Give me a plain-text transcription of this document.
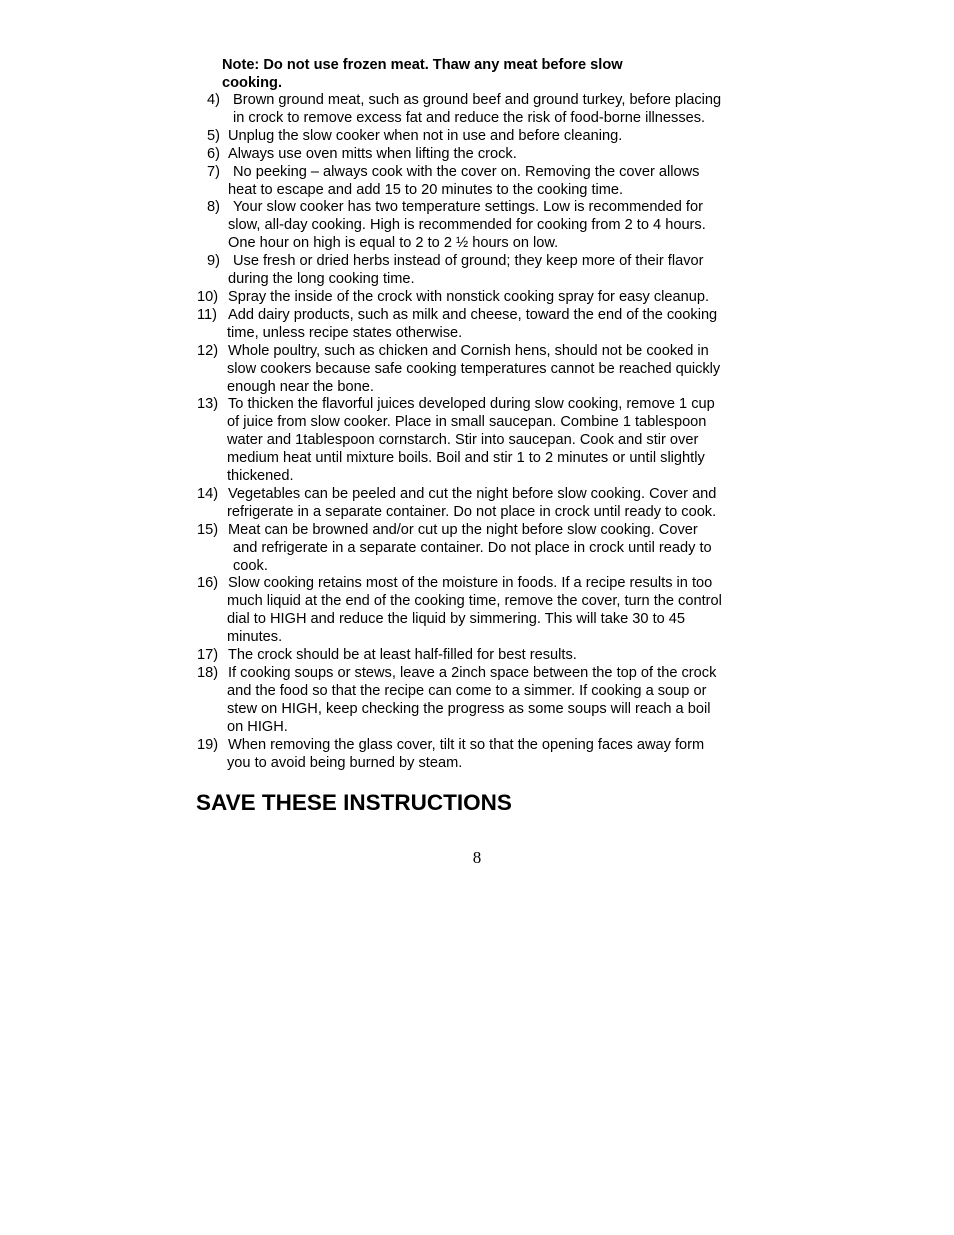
Note: Do not use frozen meat. Thaw any meat before slow
cooking.

4) Brown ground meat, such as ground beef and ground turkey, before placing
in crock to remove excess fat and reduce the risk of food-borne illnesses.
5) Unplug the slow cooker when not in use and before cleaning.
6) Always use oven mitts when lifting the crock.
7) No peeking – always cook with the cover on. Removing the cover allows
heat to escape and add 15 to 20 minutes to the cooking time.
8) Your slow cooker has two temperature settings. Low is recommended for
slow, all-day cooking. High is recommended for cooking from 2 to 4 hours.
One hour on high is equal to 2 to 2 ½ hours on low.
9) Use fresh or dried herbs instead of ground; they keep more of their flavor
during the long cooking time.
10) Spray the inside of the crock with nonstick cooking spray for easy cleanup.
11) Add dairy products, such as milk and cheese, toward the end of the cooking
time, unless recipe states otherwise.
12) Whole poultry, such as chicken and Cornish hens, should not be cooked in
slow cookers because safe cooking temperatures cannot be reached quickly
enough near the bone.
13) To thicken the flavorful juices developed during slow cooking, remove 1 cup
of juice from slow cooker. Place in small saucepan. Combine 1 tablespoon
water and 1tablespoon cornstarch. Stir into saucepan. Cook and stir over
medium heat until mixture boils. Boil and stir 1 to 2 minutes or until slightly
thickened.
14) Vegetables can be peeled and cut the night before slow cooking. Cover and
refrigerate in a separate container. Do not place in crock until ready to cook.
15) Meat can be browned and/or cut up the night before slow cooking. Cover
and refrigerate in a separate container. Do not place in crock until ready to
cook.
16) Slow cooking retains most of the moisture in foods. If a recipe results in too
much liquid at the end of the cooking time, remove the cover, turn the control
dial to HIGH and reduce the liquid by simmering. This will take 30 to 45
minutes.
17) The crock should be at least half-filled for best results.
18) If cooking soups or stews, leave a 2inch space between the top of the crock
and the food so that the recipe can come to a simmer. If cooking a soup or
stew on HIGH, keep checking the progress as some soups will reach a boil
on HIGH.
19) When removing the glass cover, tilt it so that the opening faces away form
you to avoid being burned by steam.
SAVE THESE INSTRUCTIONS

8
